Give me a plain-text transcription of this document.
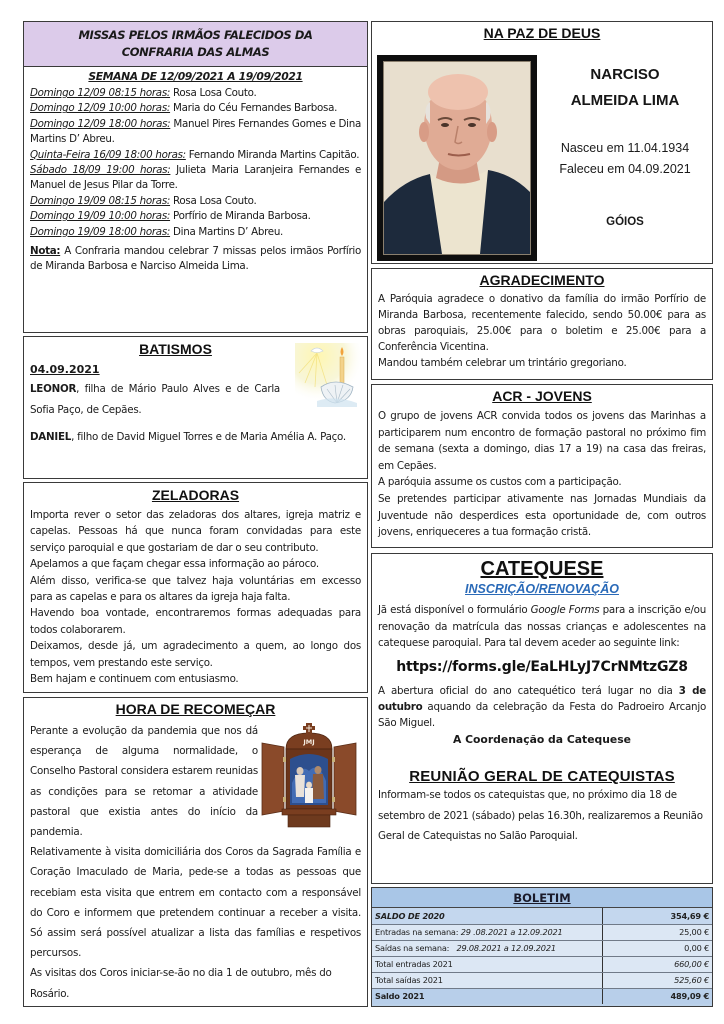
MISSAS PELOS IRMÃOS FALECIDOS DA
CONFRARIA DAS ALMAS
SEMANA DE 12/09/2021 A 19/09/2021
Domingo 12/09 08:15 horas: Rosa Losa Couto.
Domingo 12/09 10:00 horas: Maria do Céu Fernandes Barbosa.
Domingo 12/09 18:00 horas: Manuel Pires Fernandes Gomes e Dina Martins D’ Abreu.
Quinta-Feira 16/09 18:00 horas: Fernando Miranda Martins Capitão.
Sábado 18/09 19:00 horas: Julieta Maria Laranjeira Fernandes e Manuel de Jesus Pilar da Torre.
Domingo 19/09 08:15 horas: Rosa Losa Couto.
Domingo 19/09 10:00 horas: Porfírio de Miranda Barbosa.
Domingo 19/09 18:00 horas: Dina Martins D’ Abreu.
Nota: A Confraria mandou celebrar 7 missas pelos irmãos Porfírio de Miranda Barbosa e Narciso Almeida Lima.
BATISMOS
04.09.2021
LEONOR, filha de Mário Paulo Alves e de Carla Sofia Paço, de Cepães.
DANIEL, filho de David Miguel Torres e de Maria Amélia A. Paço.
ZELADORAS
Importa rever o setor das zeladoras dos altares, igreja matriz e capelas. Pessoas há que nunca foram convidadas para este serviço paroquial e que gostariam de dar o seu contributo.
Apelamos a que façam chegar essa informação ao pároco.
Além disso, verifica-se que talvez haja voluntárias em excesso para as capelas e para os altares da igreja haja falta.
Havendo boa vontade, encontraremos formas adequadas para todos colaborarem.
Deixamos, desde já, um agradecimento a quem, ao longo dos tempos, vem prestando este serviço.
Bem hajam e continuem com entusiasmo.
HORA DE RECOMEÇAR
Perante a evolução da pandemia que nos dá esperança de alguma normalidade, o Conselho Pastoral considera estarem reunidas as condições para se retomar a atividade pastoral que existia antes do início da pandemia.
Relativamente à visita domiciliária dos Coros da Sagrada Família e Coração Imaculado de Maria, pede-se a todas as pessoas que recebiam esta visita que entrem em contacto com a responsável do Coro e informem que pretendem continuar a receber a visita. Só assim será possível atualizar a lista das famílias e respetivos percursos.
As visitas dos Coros iniciar-se-ão no dia 1 de outubro, mês do Rosário.
JMJ
NA PAZ DE DEUS
NARCISO
ALMEIDA LIMA
Nasceu em 11.04.1934
Faleceu em 04.09.2021
GÓIOS
AGRADECIMENTO
A Paróquia agradece o donativo da família do irmão Porfírio de Miranda Barbosa, recentemente falecido, sendo 50.00€ para as obras paroquiais, 25.00€ para o boletim e 25.00€ para a Conferência Vicentina.
Mandou também celebrar um trintário gregoriano.
ACR - JOVENS
O grupo de jovens ACR convida todos os jovens das Marinhas a participarem num encontro de formação pastoral no próximo fim de semana (sexta a domingo, dias 17 a 19) na casa das freiras, em Cepães.
A paróquia assume os custos com a participação.
Se pretendes participar ativamente nas Jornadas Mundiais da Juventude não desperdices esta oportunidade de, com outros jovens, enriqueceres a tua formação cristã.
CATEQUESE
INSCRIÇÃO/RENOVAÇÃO
Jã está disponível o formulário Google Forms para a inscrição e/ou renovação da matrícula das nossas crianças e adolescentes na catequese paroquial. Para tal devem aceder ao seguinte link:
https://forms.gle/EaLHLyJ7CrNMtzGZ8
A abertura oficial do ano catequético terá lugar no dia 3 de outubro aquando da celebração da Festa do Padroeiro Arcanjo São Miguel.
A Coordenação da Catequese
REUNIÃO GERAL DE CATEQUISTAS
Informam-se todos os catequistas que, no próximo dia 18 de setembro de 2021 (sábado) pelas 16.30h, realizaremos a Reunião Geral de Catequistas no Salão Paroquial.
BOLETIM
SALDO DE 2020	354,69 €
Entradas na semana: 29 .08.2021 a 12.09.2021	25,00 €
Saídas na semana:   29.08.2021 a 12.09.2021	0,00 €
Total entradas 2021	660,00 €
Total saídas 2021	525,60 €
Saldo 2021	489,09 €
